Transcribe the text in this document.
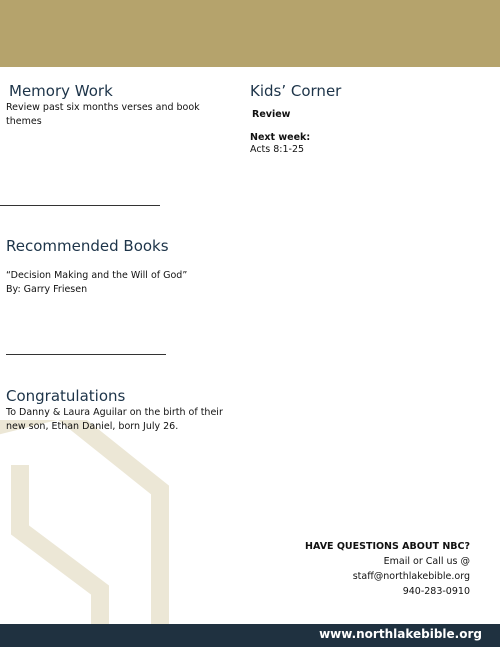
Memory Work
Review past six months verses and book
themes
Kids’ Corner
Review
Next week:
Acts 8:1-25
Recommended Books
“Decision Making and the Will of God”
By: Garry Friesen
Congratulations
To Danny & Laura Aguilar on the birth of their
new son, Ethan Daniel, born July 26.
HAVE QUESTIONS ABOUT NBC?
Email or Call us @
staff@northlakebible.org
940-283-0910
www.northlakebible.org
